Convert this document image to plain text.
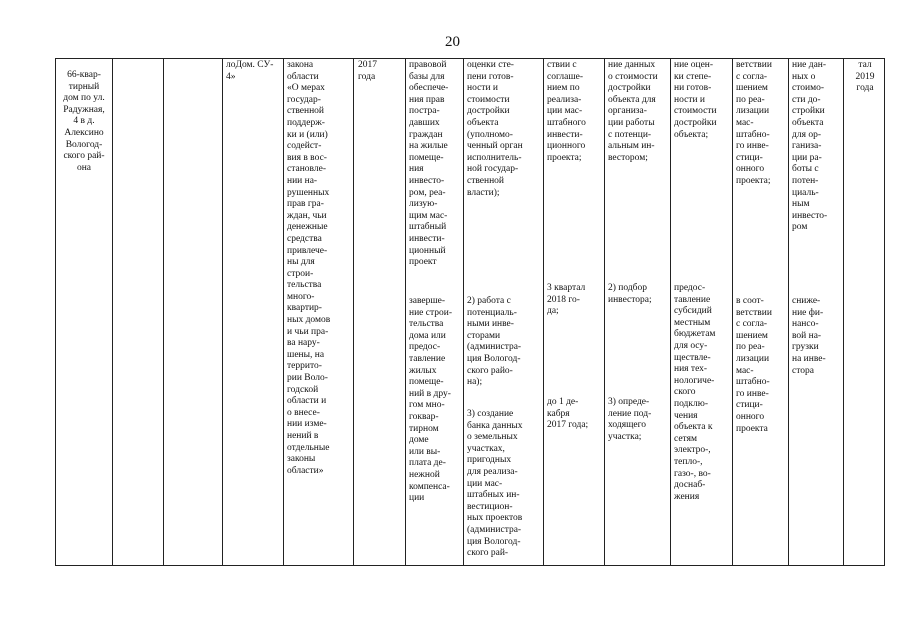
20
66-квар-
тирный
дом по ул.
Радужная,
4 в д.
Алексино
Вологод-
ского рай-
она
лоДом. СУ-
4»
закона
области
«О мерах
государ-
ственной
поддерж-
ки и (или)
содейст-
вия в вос-
становле-
нии на-
рушенных
прав гра-
ждан, чьи
денежные
средства
привлече-
ны для
строи-
тельства
много-
квартир-
ных домов
и чьи пра-
ва нару-
шены, на
террито-
рии Воло-
годской
области и
о внесе-
нии изме-
нений в
отдельные
законы
области»
2017
года
правовой
базы для
обеспече-
ния прав
постра-
давших
граждан
на жилые
помеще-
ния
инвесто-
ром, реа-
лизую-
щим мас-
штабный
инвести-
ционный
проект
заверше-
ние строи-
тельства
дома или
предос-
тавление
жилых
помеще-
ний в дру-
гом мно-
гоквар-
тирном
доме
или вы-
плата де-
нежной
компенса-
ции
оценки сте-
пени готов-
ности и
стоимости
достройки
объекта
(уполномо-
ченный орган
исполнитель-
ной государ-
ственной
власти);
2) работа с
потенциаль-
ными инве-
сторами
(администра-
ция Вологод-
ского райо-
на);
3) создание
банка данных
о земельных
участках,
пригодных
для реализа-
ции мас-
штабных ин-
вестицион-
ных проектов
(администра-
ция Вологод-
ского рай-
ствии с
соглаше-
нием по
реализа-
ции мас-
штабного
инвести-
ционного
проекта;
3 квартал
2018 го-
да;
до 1 де-
кабря
2017 года;
ние данных
о стоимости
достройки
объекта для
организа-
ции работы
с потенци-
альным ин-
вестором;
2) подбор
инвестора;
3) опреде-
ление под-
ходящего
участка;
ние оцен-
ки степе-
ни готов-
ности и
стоимости
достройки
объекта;
предос-
тавление
субсидий
местным
бюджетам
для осу-
ществле-
ния тех-
нологиче-
ского
подклю-
чения
объекта к
сетям
электро-,
тепло-,
газо-, во-
доснаб-
жения
ветствии
с согла-
шением
по реа-
лизации
мас-
штабно-
го инве-
стици-
онного
проекта;
в соот-
ветствии
с согла-
шением
по реа-
лизации
мас-
штабно-
го инве-
стици-
онного
проекта
ние дан-
ных о
стоимо-
сти до-
стройки
объекта
для ор-
ганиза-
ции ра-
боты с
потен-
циаль-
ным
инвесто-
ром
сниже-
ние фи-
нансо-
вой на-
грузки
на инве-
стора
тал
2019
года
